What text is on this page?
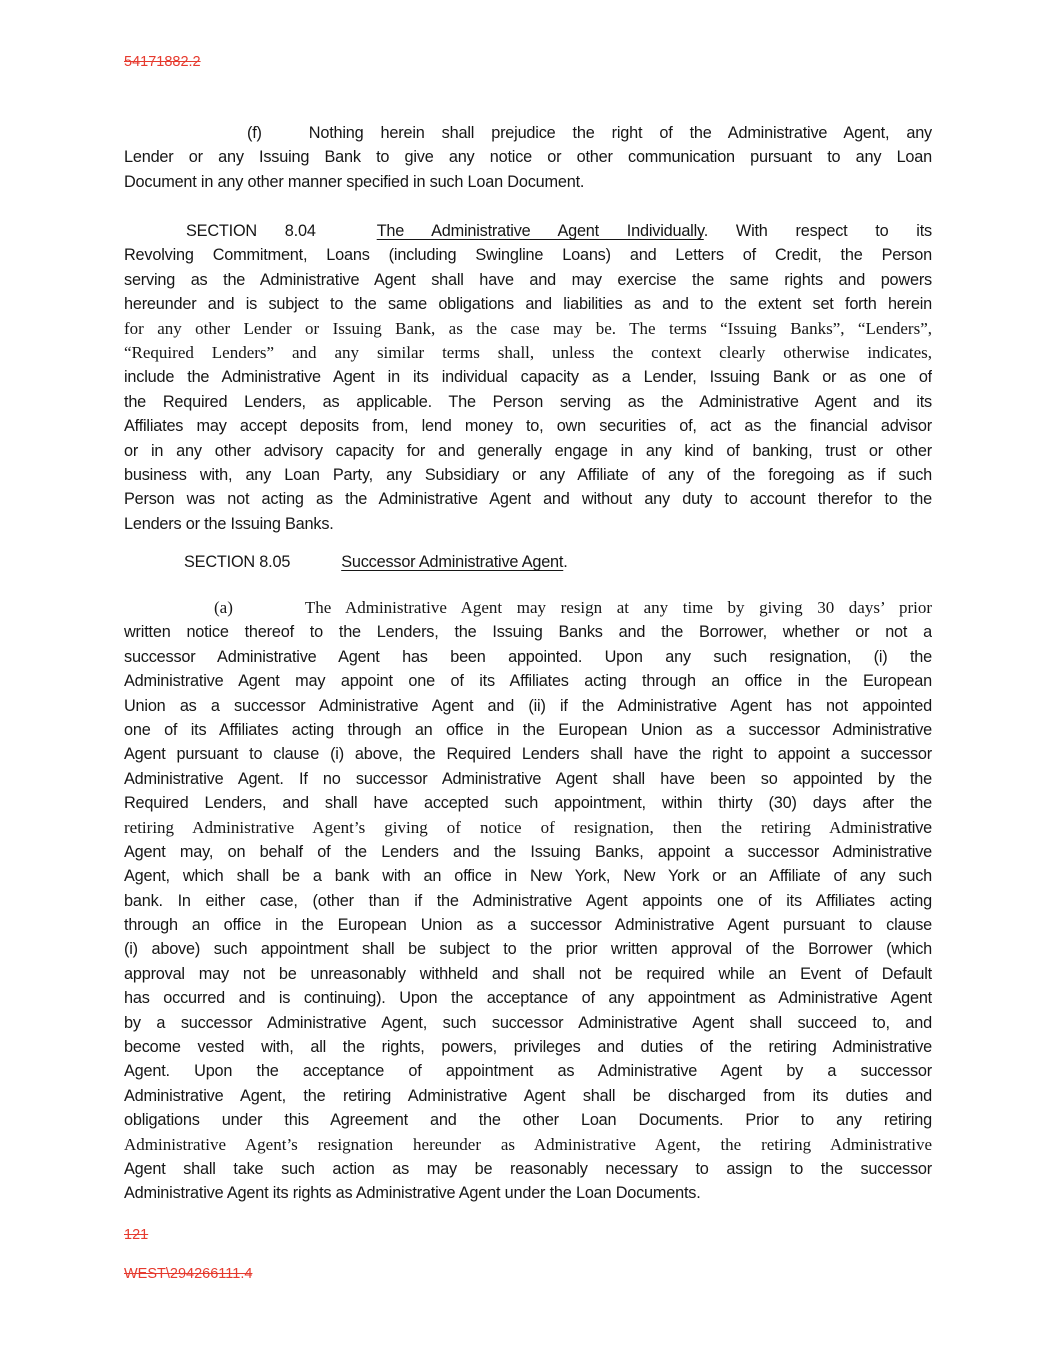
54171882.2
(f)	Nothing herein shall prejudice the right of the Administrative Agent, any
Lender or any Issuing Bank to give any notice or other communication pursuant to any Loan
Document in any other manner specified in such Loan Document.
SECTION 8.04	The Administrative Agent Individually. With respect to its
Revolving Commitment, Loans (including Swingline Loans) and Letters of Credit, the Person
serving as the Administrative Agent shall have and may exercise the same rights and powers
hereunder and is subject to the same obligations and liabilities as and to the extent set forth herein
for any other Lender or Issuing Bank, as the case may be. The terms “Issuing Banks”, “Lenders”,
“Required Lenders” and any similar terms shall, unless the context clearly otherwise indicates,
include the Administrative Agent in its individual capacity as a Lender, Issuing Bank or as one of
the Required Lenders, as applicable. The Person serving as the Administrative Agent and its
Affiliates may accept deposits from, lend money to, own securities of, act as the financial advisor
or in any other advisory capacity for and generally engage in any kind of banking, trust or other
business with, any Loan Party, any Subsidiary or any Affiliate of any of the foregoing as if such
Person was not acting as the Administrative Agent and without any duty to account therefor to the
Lenders or the Issuing Banks.
SECTION 8.05	Successor Administrative Agent.
(a)	The Administrative Agent may resign at any time by giving 30 days’ prior
written notice thereof to the Lenders, the Issuing Banks and the Borrower, whether or not a
successor Administrative Agent has been appointed. Upon any such resignation, (i) the
Administrative Agent may appoint one of its Affiliates acting through an office in the European
Union as a successor Administrative Agent and (ii) if the Administrative Agent has not appointed
one of its Affiliates acting through an office in the European Union as a successor Administrative
Agent pursuant to clause (i) above, the Required Lenders shall have the right to appoint a successor
Administrative Agent. If no successor Administrative Agent shall have been so appointed by the
Required Lenders, and shall have accepted such appointment, within thirty (30) days after the
retiring Administrative Agent’s giving of notice of resignation, then the retiring Administrative
Agent may, on behalf of the Lenders and the Issuing Banks, appoint a successor Administrative
Agent, which shall be a bank with an office in New York, New York or an Affiliate of any such
bank. In either case, (other than if the Administrative Agent appoints one of its Affiliates acting
through an office in the European Union as a successor Administrative Agent pursuant to clause
(i) above) such appointment shall be subject to the prior written approval of the Borrower (which
approval may not be unreasonably withheld and shall not be required while an Event of Default
has occurred and is continuing). Upon the acceptance of any appointment as Administrative Agent
by a successor Administrative Agent, such successor Administrative Agent shall succeed to, and
become vested with, all the rights, powers, privileges and duties of the retiring Administrative
Agent. Upon the acceptance of appointment as Administrative Agent by a successor
Administrative Agent, the retiring Administrative Agent shall be discharged from its duties and
obligations under this Agreement and the other Loan Documents. Prior to any retiring
Administrative Agent’s resignation hereunder as Administrative Agent, the retiring Administrative
Agent shall take such action as may be reasonably necessary to assign to the successor
Administrative Agent its rights as Administrative Agent under the Loan Documents.
121
WEST\294266111.4
